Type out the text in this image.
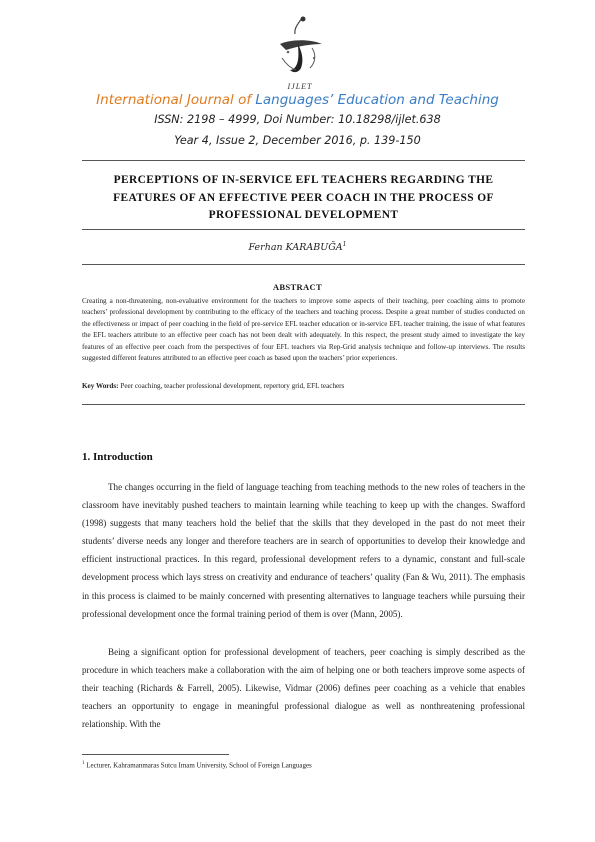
IJLET
International Journal of Languages’ Education and Teaching
ISSN: 2198 – 4999, Doi Number: 10.18298/ijlet.638
Year 4, Issue 2, December 2016, p. 139-150
PERCEPTIONS OF IN-SERVICE EFL TEACHERS REGARDING THE FEATURES OF AN EFFECTIVE PEER COACH IN THE PROCESS OF PROFESSIONAL DEVELOPMENT
Ferhan KARABUĞA$^1$
ABSTRACT
Creating a non-threatening, non-evaluative environment for the teachers to improve some aspects of their teaching, peer coaching aims to promote teachers’ professional development by contributing to the efficacy of the teachers and teaching process. Despite a great number of studies conducted on the effectiveness or impact of peer coaching in the field of pre-service EFL teacher education or in-service EFL teacher training, the issue of what features the EFL teachers attribute to an effective peer coach has not been dealt with adequately. In this respect, the present study aimed to investigate the key features of an effective peer coach from the perspectives of four EFL teachers via Rep-Grid analysis technique and follow-up interviews. The results suggested different features attributed to an effective peer coach as based upon the teachers’ prior experiences.
Key Words: Peer coaching, teacher professional development, repertory grid, EFL teachers
1. Introduction
The changes occurring in the field of language teaching from teaching methods to the new roles of teachers in the classroom have inevitably pushed teachers to maintain learning while teaching to keep up with the changes. Swafford (1998) suggests that many teachers hold the belief that the skills that they developed in the past do not meet their students’ diverse needs any longer and therefore teachers are in search of opportunities to develop their knowledge and efficient instructional practices. In this regard, professional development refers to a dynamic, constant and full-scale development process which lays stress on creativity and endurance of teachers’ quality (Fan & Wu, 2011). The emphasis in this process is claimed to be mainly concerned with presenting alternatives to language teachers while pursuing their professional development once the formal training period of them is over (Mann, 2005).
Being a significant option for professional development of teachers, peer coaching is simply described as the procedure in which teachers make a collaboration with the aim of helping one or both teachers improve some aspects of their teaching (Richards & Farrell, 2005). Likewise, Vidmar (2006) defines peer coaching as a vehicle that enables teachers an opportunity to engage in meaningful professional dialogue as well as nonthreatening professional relationship. With the
$^1$ Lecturer, Kahramanmaras Sutcu Imam University, School of Foreign Languages
